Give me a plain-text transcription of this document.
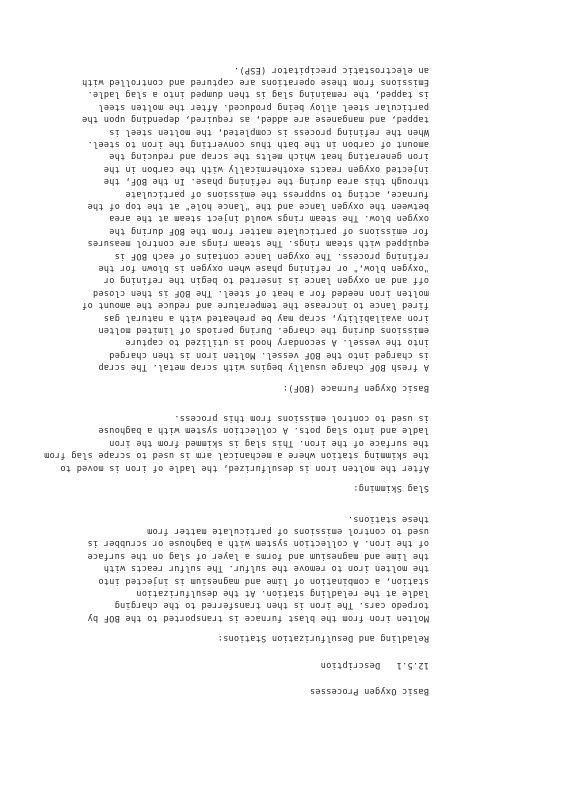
Basic Oxygen Processes
12.5.1   Description
Reladling and Desulfurization Stations:
Molten iron from the blast furnace is transported to the BOF by
torpedo cars. The iron is then transferred to the charging
ladle at the reladling station. At the desulfurization
station, a combination of lime and magnesium is injected into
the molten iron to remove the sulfur. The sulfur reacts with
the lime and magnesium and forms a layer of slag on the surface
of the iron. A collection system with a baghouse or scrubber is
used to control emissions of particulate matter from
these stations.
Slag Skimming:
After the molten iron is desulfurized, the ladle of iron is moved to
the skimming station where a mechanical arm is used to scrape slag from
the surface of the iron. This slag is skimmed from the iron
ladle and into slag pots. A collection system with a baghouse
is used to control emissions from this process.
Basic Oxygen Furnace (BOF):
A fresh BOF charge usually begins with scrap metal. The scrap
is charged into the BOF vessel. Molten iron is then charged
into the vessel. A secondary hood is utilized to capture
emissions during the charge. During periods of limited molten
iron availability, scrap may be preheated with a natural gas
fired lance to increase the temperature and reduce the amount of
molten iron needed for a heat of steel. The BOF is then closed
off and an oxygen lance is inserted to begin the refining or
"oxygen blow," or refining phase when oxygen is blown for the
refining process. The oxygen lance contains of each BOF is
equipped with steam rings. The steam rings are control measures
for emissions of particulate matter from the BOF during the
oxygen blow. The steam rings would inject steam at the area
between the oxygen lance and the "lance hole" at the top of the
furnace, acting to suppress the emissions of particulate
through this area during the refining phase. In the BOF, the
injected oxygen reacts exothermically with the carbon in the
iron generating heat which melts the scrap and reducing the
amount of carbon in the bath thus converting the iron to steel.
When the refining process is completed, the molten steel is
tapped, and manganese are added, as required, depending upon the
particular steel alloy being produced. After the molten steel
is tapped, the remaining slag is then dumped into a slag ladle.
Emissions from these operations are captured and controlled with
an electrostatic precipitator (ESP).
